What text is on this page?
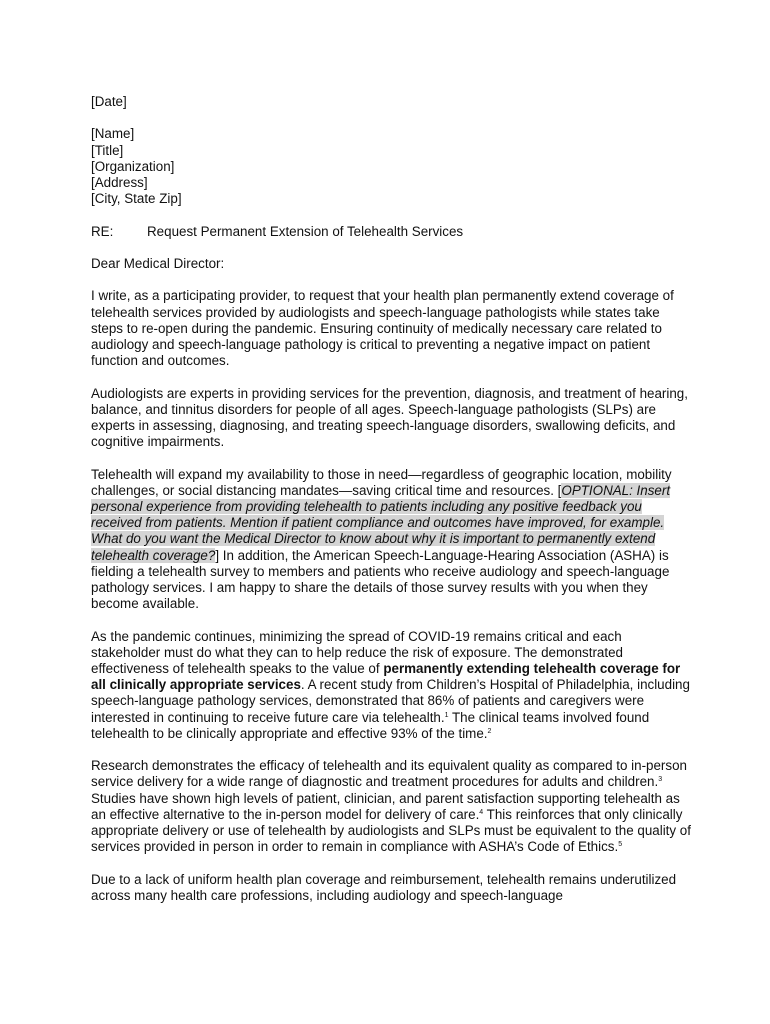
[Date]

[Name]
[Title]
[Organization]
[Address]
[City, State Zip]

RE:	Request Permanent Extension of Telehealth Services

Dear Medical Director:

I write, as a participating provider, to request that your health plan permanently extend coverage of telehealth services provided by audiologists and speech-language pathologists while states take steps to re-open during the pandemic. Ensuring continuity of medically necessary care related to audiology and speech-language pathology is critical to preventing a negative impact on patient function and outcomes.

Audiologists are experts in providing services for the prevention, diagnosis, and treatment of hearing, balance, and tinnitus disorders for people of all ages. Speech-language pathologists (SLPs) are experts in assessing, diagnosing, and treating speech-language disorders, swallowing deficits, and cognitive impairments.

Telehealth will expand my availability to those in need—regardless of geographic location, mobility challenges, or social distancing mandates—saving critical time and resources. [OPTIONAL: Insert personal experience from providing telehealth to patients including any positive feedback you received from patients. Mention if patient compliance and outcomes have improved, for example. What do you want the Medical Director to know about why it is important to permanently extend telehealth coverage?] In addition, the American Speech-Language-Hearing Association (ASHA) is fielding a telehealth survey to members and patients who receive audiology and speech-language pathology services. I am happy to share the details of those survey results with you when they become available.

As the pandemic continues, minimizing the spread of COVID-19 remains critical and each stakeholder must do what they can to help reduce the risk of exposure. The demonstrated effectiveness of telehealth speaks to the value of permanently extending telehealth coverage for all clinically appropriate services. A recent study from Children’s Hospital of Philadelphia, including speech-language pathology services, demonstrated that 86% of patients and caregivers were interested in continuing to receive future care via telehealth.$^1$ The clinical teams involved found telehealth to be clinically appropriate and effective 93% of the time.$^2$

Research demonstrates the efficacy of telehealth and its equivalent quality as compared to in-person service delivery for a wide range of diagnostic and treatment procedures for adults and children.$^3$ Studies have shown high levels of patient, clinician, and parent satisfaction supporting telehealth as an effective alternative to the in-person model for delivery of care.$^4$ This reinforces that only clinically appropriate delivery or use of telehealth by audiologists and SLPs must be equivalent to the quality of services provided in person in order to remain in compliance with ASHA’s Code of Ethics.$^5$

Due to a lack of uniform health plan coverage and reimbursement, telehealth remains underutilized across many health care professions, including audiology and speech-language
